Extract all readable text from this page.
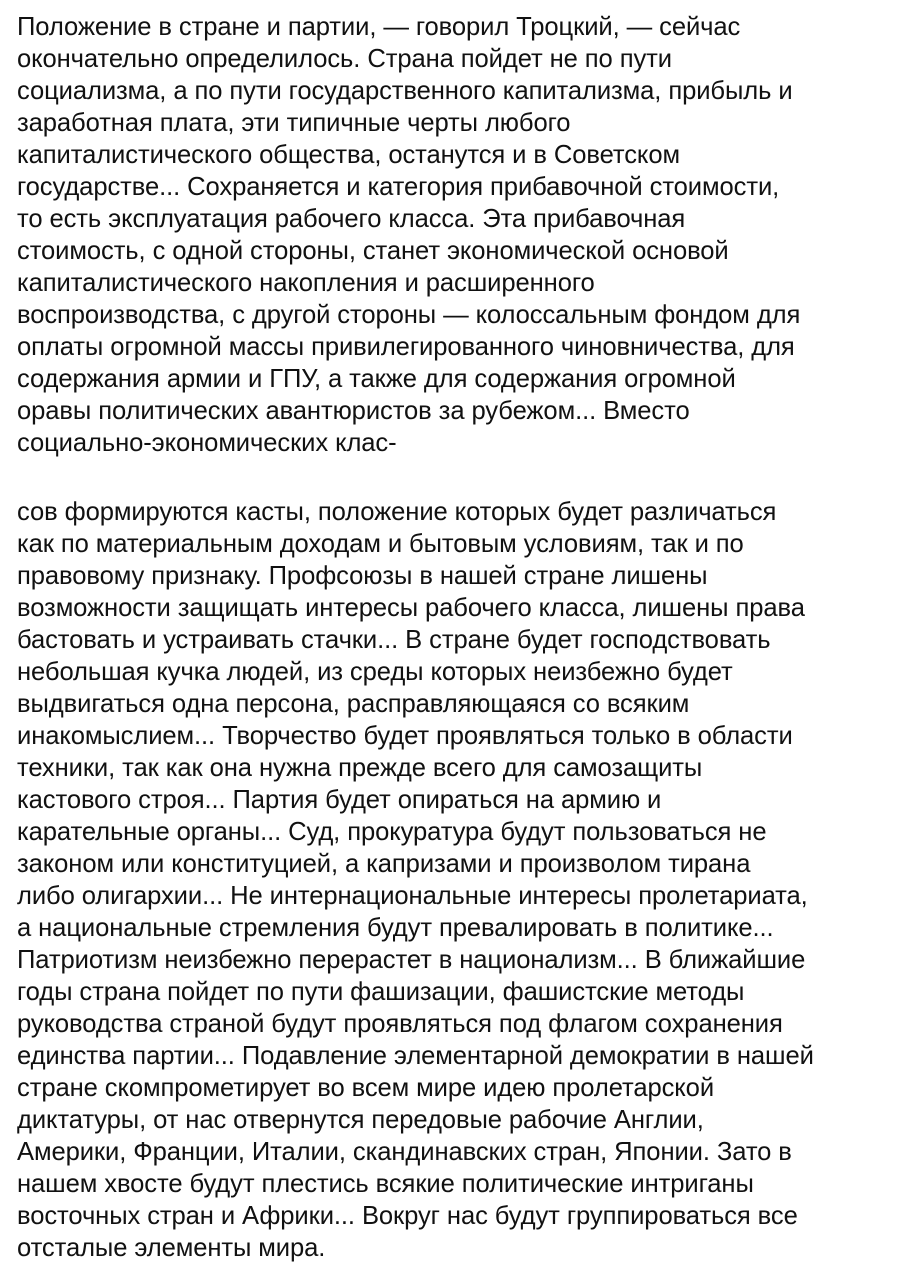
Положение в стране и партии, — говорил Троцкий, — сейчас
окончательно определилось. Страна пойдет не по пути
социализма, а по пути государственного капитализма, прибыль и
заработная плата, эти типичные черты любого
капиталистического общества, останутся и в Советском
государстве... Сохраняется и категория прибавочной стоимости,
то есть эксплуатация рабочего класса. Эта прибавочная
стоимость, с одной стороны, станет экономической основой
капиталистического накопления и расширенного
воспроизводства, с другой стороны — колоссальным фондом для
оплаты огромной массы привилегированного чиновничества, для
содержания армии и ГПУ, а также для содержания огромной
оравы политических авантюристов за рубежом... Вместо
социально-экономических клас-
сов формируются касты, положение которых будет различаться
как по материальным доходам и бытовым условиям, так и по
правовому признаку. Профсоюзы в нашей стране лишены
возможности защищать интересы рабочего класса, лишены права
бастовать и устраивать стачки... В стране будет господствовать
небольшая кучка людей, из среды которых неизбежно будет
выдвигаться одна персона, расправляющаяся со всяким
инакомыслием... Творчество будет проявляться только в области
техники, так как она нужна прежде всего для самозащиты
кастового строя... Партия будет опираться на армию и
карательные органы... Суд, прокуратура будут пользоваться не
законом или конституцией, а капризами и произволом тирана
либо олигархии... Не интернациональные интересы пролетариата,
а национальные стремления будут превалировать в политике...
Патриотизм неизбежно перерастет в национализм... В ближайшие
годы страна пойдет по пути фашизации, фашистские методы
руководства страной будут проявляться под флагом сохранения
единства партии... Подавление элементарной демократии в нашей
стране скомпрометирует во всем мире идею пролетарской
диктатуры, от нас отвернутся передовые рабочие Англии,
Америки, Франции, Италии, скандинавских стран, Японии. Зато в
нашем хвосте будут плестись всякие политические интриганы
восточных стран и Африки... Вокруг нас будут группироваться все
отсталые элементы мира.
